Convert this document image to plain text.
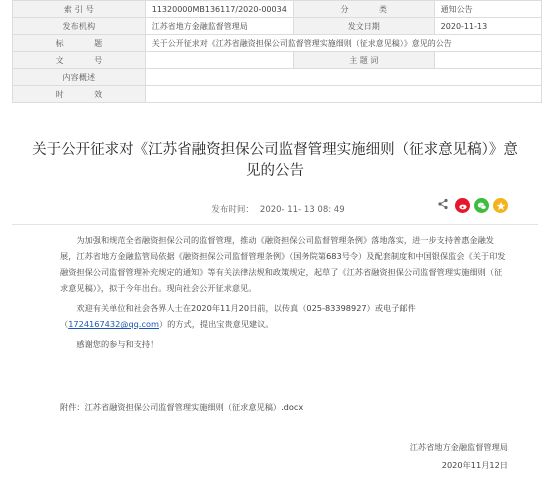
索 引 号	11320000MB136117/2020-00034	分 类	通知公告
发布机构	江苏省地方金融监督管理局	发文日期	2020-11-13
标 题	关于公开征求对《江苏省融资担保公司监督管理实施细则（征求意见稿）》意见的公告		
文 号		主 题 词	
内容概述			
时 效			
关于公开征求对《江苏省融资担保公司监督管理实施细则（征求意见稿）》意见的公告
发布时间： 2020- 11- 13 08: 49

为加强和规范全省融资担保公司的监督管理，推动《融资担保公司监督管理条例》落地落实，进一步支持普惠金融发展，江苏省地方金融监管局依据《融资担保公司监督管理条例》（国务院第683号令）及配套制度和中国银保监会《关于印发融资担保公司监督管理补充规定的通知》等有关法律法规和政策规定，起草了《江苏省融资担保公司监督管理实施细则（征求意见稿）》，拟于今年出台。现向社会公开征求意见。

欢迎有关单位和社会各界人士在2020年11月20日前，以传真（025-83398927）或电子邮件（1724167432@qq.com）的方式，提出宝贵意见建议。

感谢您的参与和支持！

附件：江苏省融资担保公司监督管理实施细则（征求意见稿）.docx
江苏省地方金融监督管理局
2020年11月12日
